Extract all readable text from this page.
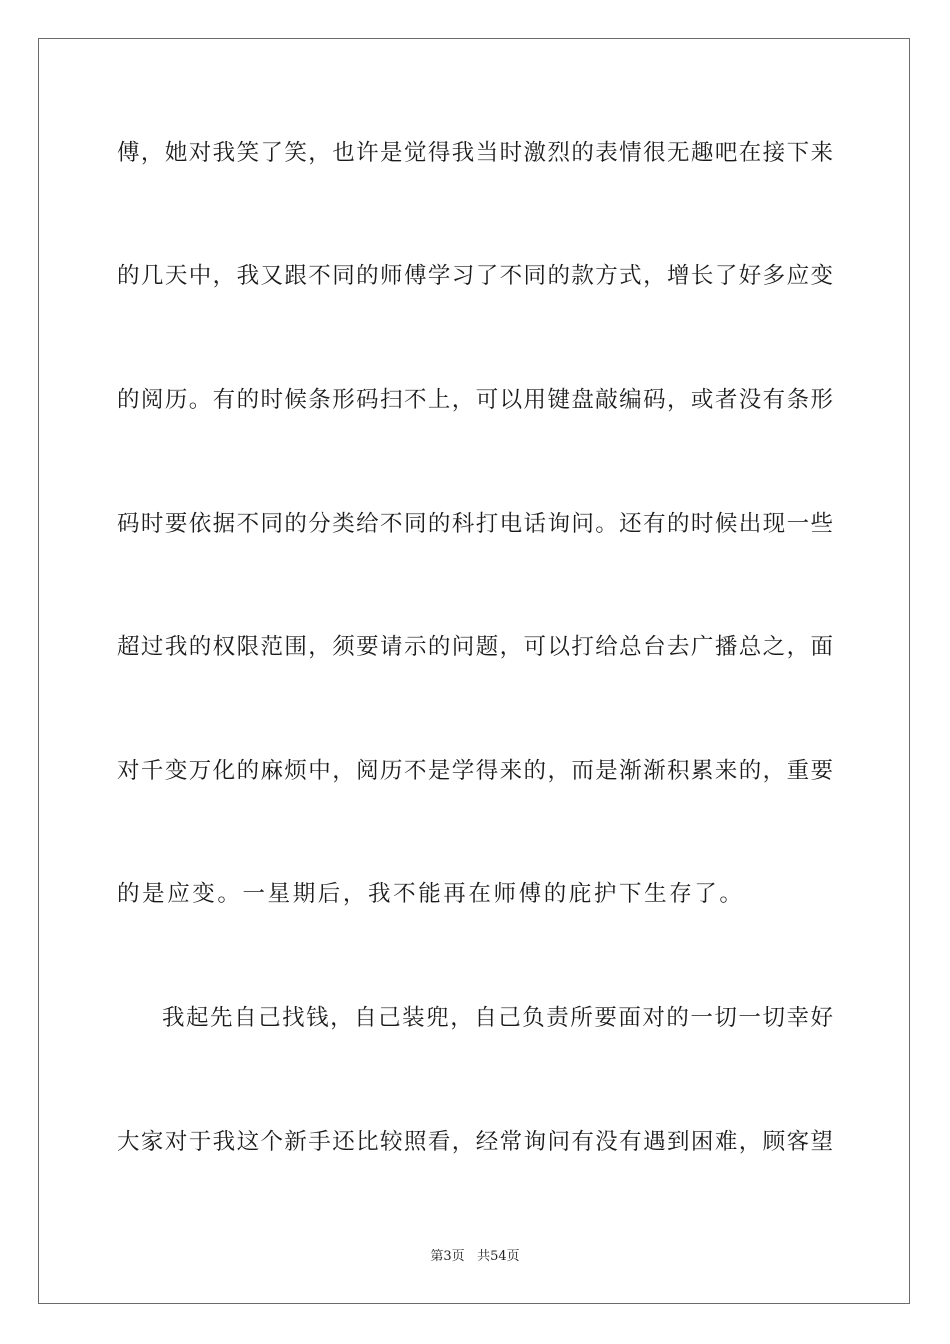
傅，她对我笑了笑，也许是觉得我当时激烈的表情很无趣吧在接下来
的几天中，我又跟不同的师傅学习了不同的款方式，增长了好多应变
的阅历。有的时候条形码扫不上，可以用键盘敲编码，或者没有条形
码时要依据不同的分类给不同的科打电话询问。还有的时候出现一些
超过我的权限范围，须要请示的问题，可以打给总台去广播总之，面
对千变万化的麻烦中，阅历不是学得来的，而是渐渐积累来的，重要
的是应变。一星期后，我不能再在师傅的庇护下生存了。
我起先自己找钱，自己装兜，自己负责所要面对的一切一切幸好
大家对于我这个新手还比较照看，经常询问有没有遇到困难，顾客望
第3页 共54页
